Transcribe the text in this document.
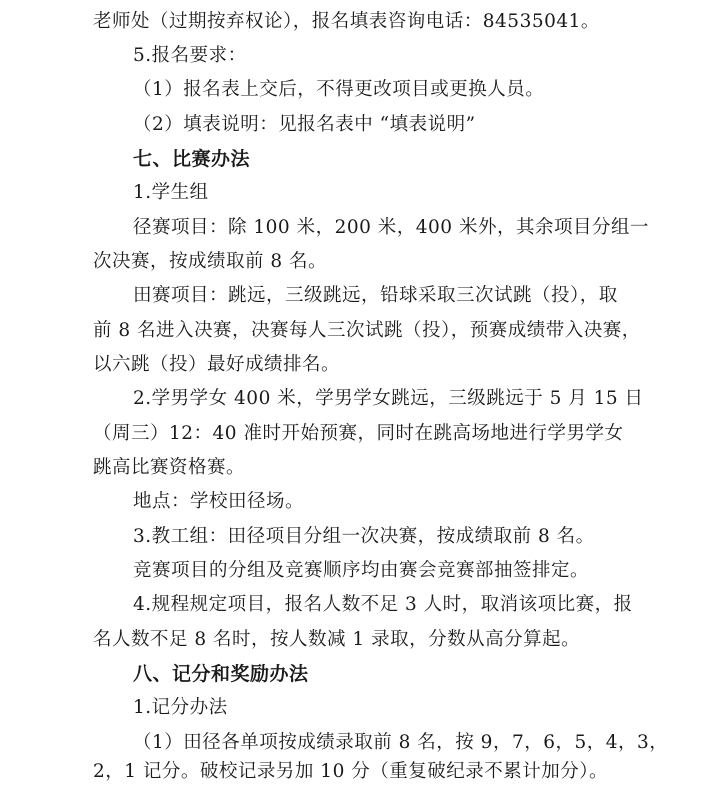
老师处（过期按弃权论），报名填表咨询电话：84535041。
5.报名要求：
（1）报名表上交后，不得更改项目或更换人员。
（2）填表说明：见报名表中 “填表说明”
七、比赛办法
1.学生组
径赛项目：除 100 米，200 米，400 米外，其余项目分组一
次决赛，按成绩取前 8 名。
田赛项目：跳远，三级跳远，铅球采取三次试跳（投），取
前 8 名进入决赛，决赛每人三次试跳（投），预赛成绩带入决赛，
以六跳（投）最好成绩排名。
2.学男学女 400 米，学男学女跳远，三级跳远于 5 月 15 日
（周三）12：40 准时开始预赛，同时在跳高场地进行学男学女
跳高比赛资格赛。
地点：学校田径场。
3.教工组：田径项目分组一次决赛，按成绩取前 8 名。
竞赛项目的分组及竞赛顺序均由赛会竞赛部抽签排定。
4.规程规定项目，报名人数不足 3 人时，取消该项比赛，报
名人数不足 8 名时，按人数减 1 录取，分数从高分算起。
八、记分和奖励办法
1.记分办法
（1）田径各单项按成绩录取前 8 名，按 9，7，6，5，4，3，
2，1 记分。破校记录另加 10 分（重复破纪录不累计加分）。
